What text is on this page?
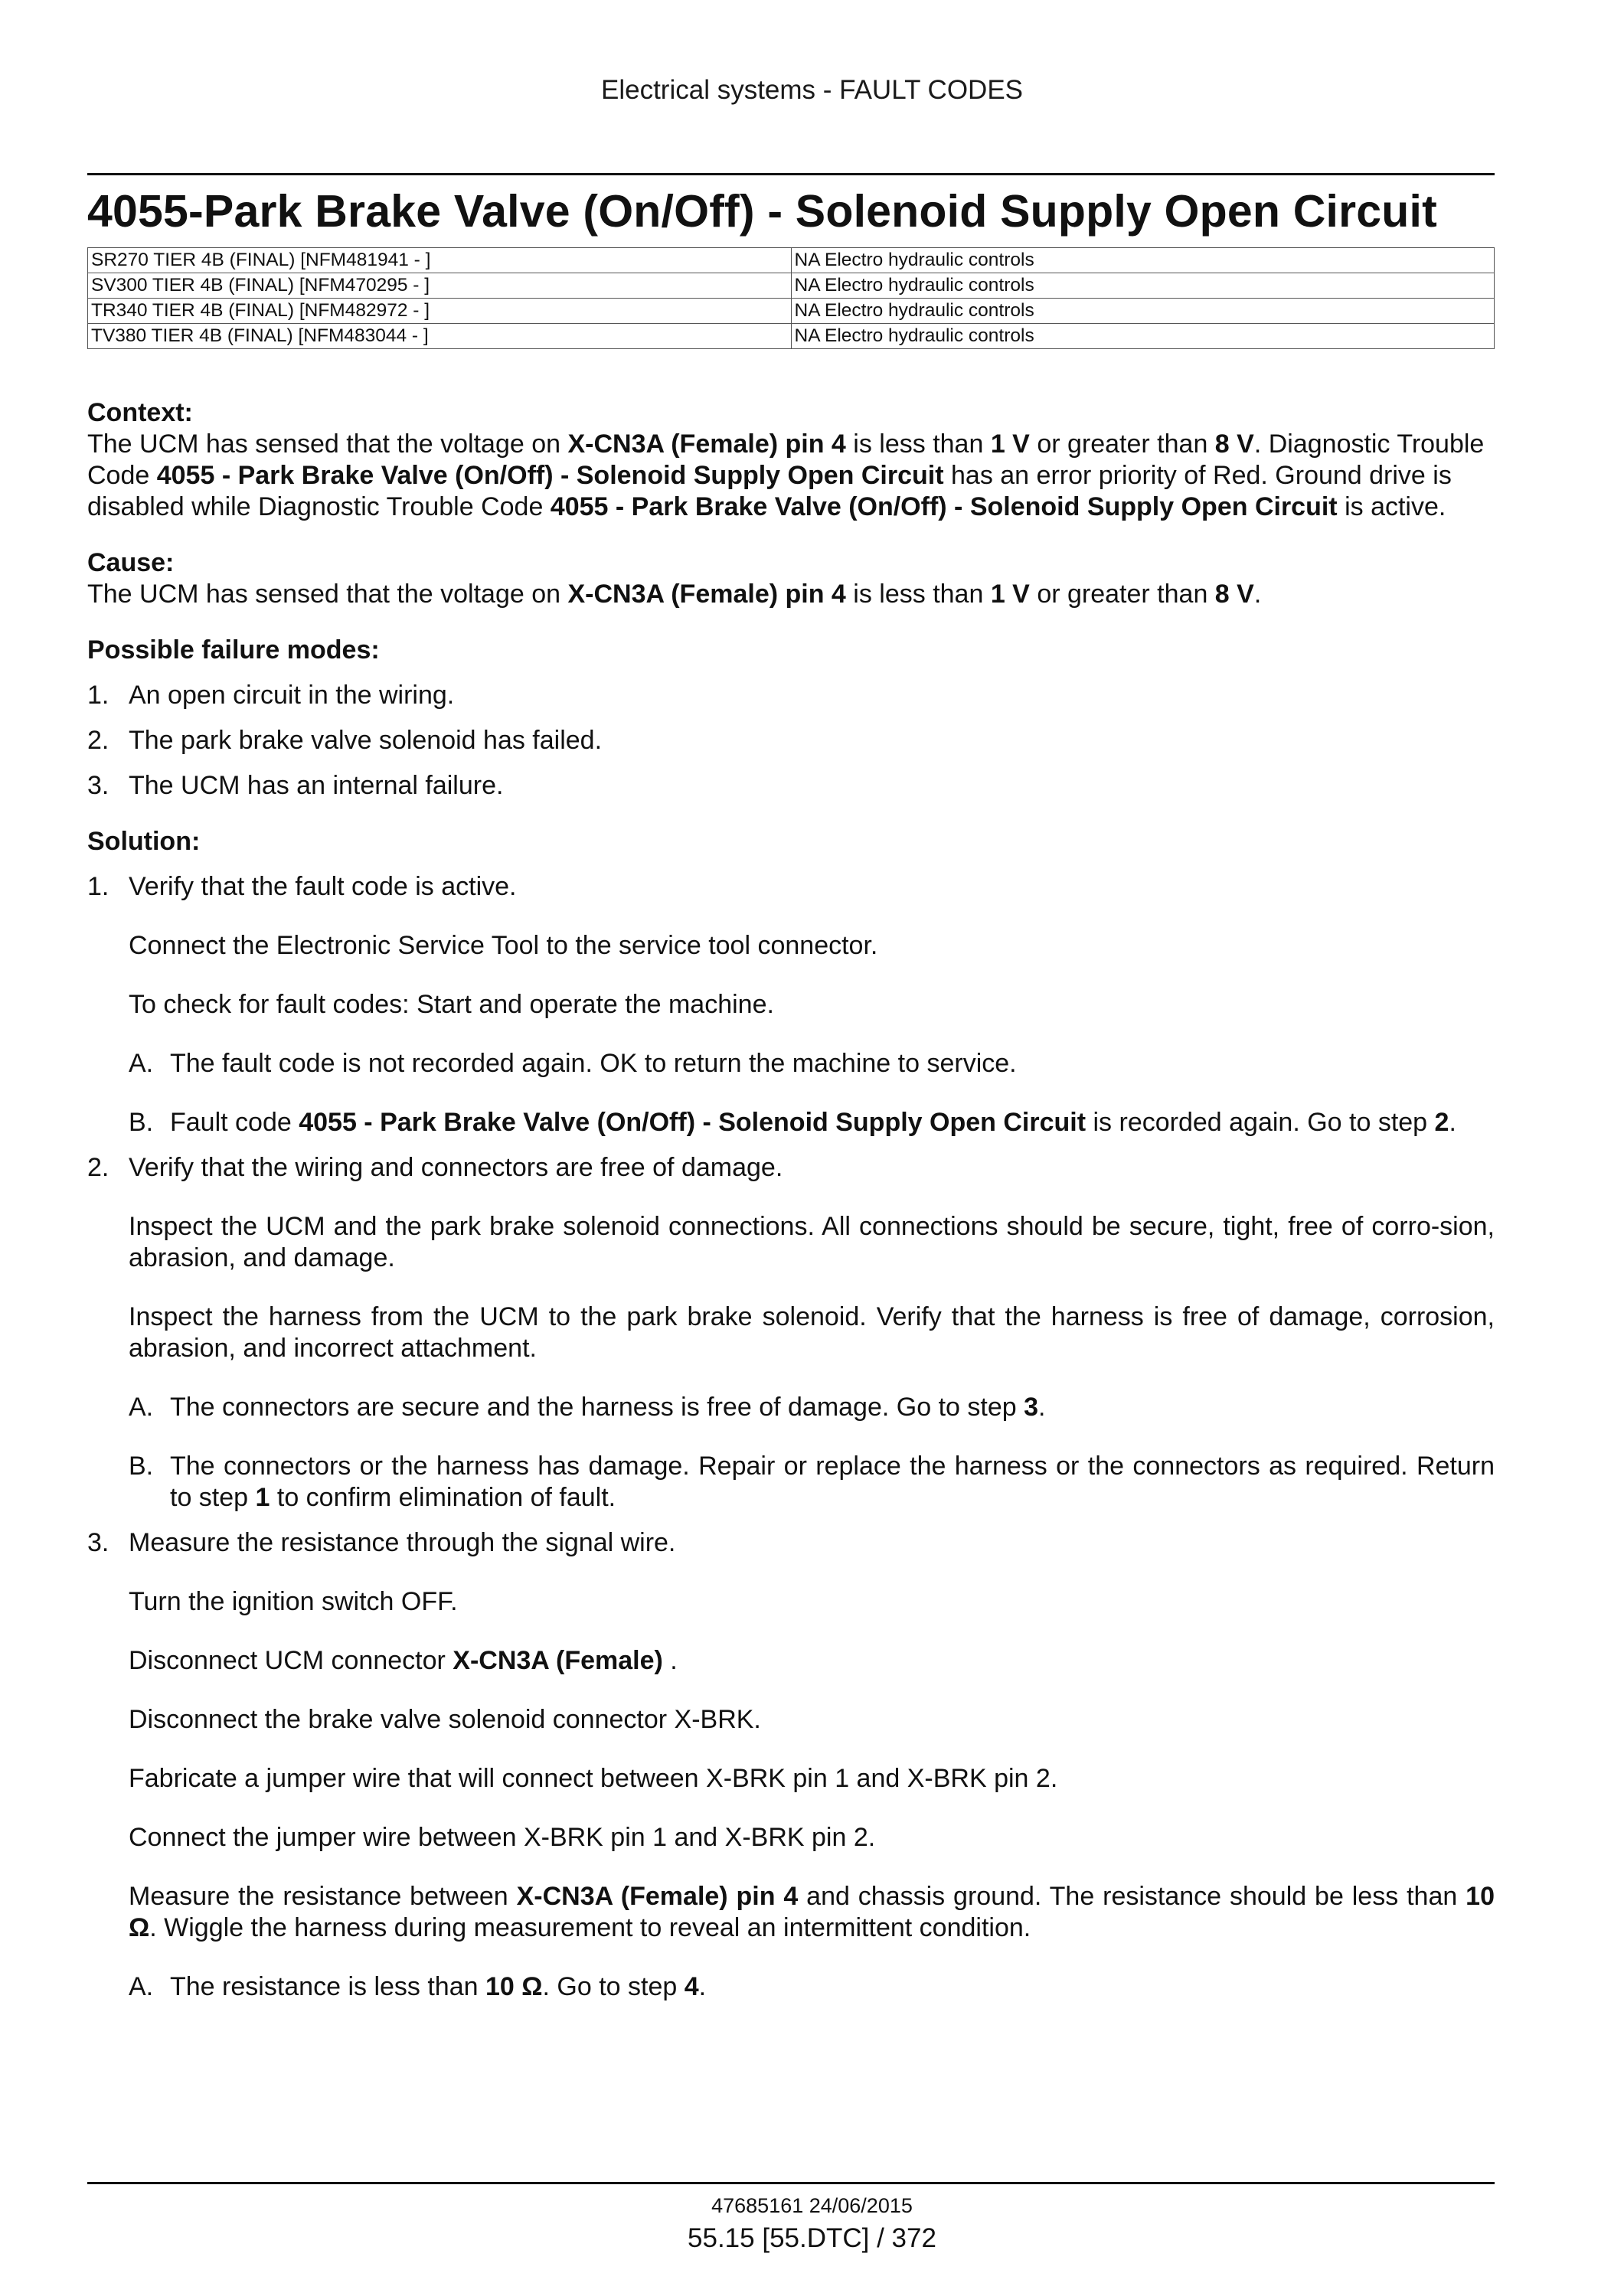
Electrical systems - FAULT CODES
4055-Park Brake Valve (On/Off) - Solenoid Supply Open Circuit
SR270 TIER 4B (FINAL) [NFM481941 - ]	NA Electro hydraulic controls
SV300 TIER 4B (FINAL) [NFM470295 - ]	NA Electro hydraulic controls
TR340 TIER 4B (FINAL) [NFM482972 - ]	NA Electro hydraulic controls
TV380 TIER 4B (FINAL) [NFM483044 - ]	NA Electro hydraulic controls
Context:

The UCM has sensed that the voltage on X-CN3A (Female) pin 4 is less than 1 V or greater than 8 V. Diagnostic Trouble Code 4055 - Park Brake Valve (On/Off) - Solenoid Supply Open Circuit has an error priority of Red. Ground drive is disabled while Diagnostic Trouble Code 4055 - Park Brake Valve (On/Off) - Solenoid Supply Open Circuit is active.

Cause:

The UCM has sensed that the voltage on X-CN3A (Female) pin 4 is less than 1 V or greater than 8 V.

Possible failure modes:
1. An open circuit in the wiring.
2. The park brake valve solenoid has failed.
3. The UCM has an internal failure.
Solution:
1. Verify that the fault code is active.

Connect the Electronic Service Tool to the service tool connector.

To check for fault codes: Start and operate the machine.

A. The fault code is not recorded again. OK to return the machine to service.
B. Fault code 4055 - Park Brake Valve (On/Off) - Solenoid Supply Open Circuit is recorded again. Go to step 2.
2. Verify that the wiring and connectors are free of damage.

Inspect the UCM and the park brake solenoid connections. All connections should be secure, tight, free of corro-sion, abrasion, and damage.

Inspect the harness from the UCM to the park brake solenoid. Verify that the harness is free of damage, corrosion, abrasion, and incorrect attachment.

A. The connectors are secure and the harness is free of damage. Go to step 3.
B. The connectors or the harness has damage. Repair or replace the harness or the connectors as required. Return to step 1 to confirm elimination of fault.
3. Measure the resistance through the signal wire.

Turn the ignition switch OFF.

Disconnect UCM connector X-CN3A (Female) .

Disconnect the brake valve solenoid connector X-BRK.

Fabricate a jumper wire that will connect between X-BRK pin 1 and X-BRK pin 2.

Connect the jumper wire between X-BRK pin 1 and X-BRK pin 2.

Measure the resistance between X-CN3A (Female) pin 4 and chassis ground. The resistance should be less than 10 Ω. Wiggle the harness during measurement to reveal an intermittent condition.

A. The resistance is less than 10 Ω. Go to step 4.
47685161 24/06/2015
55.15 [55.DTC] / 372
